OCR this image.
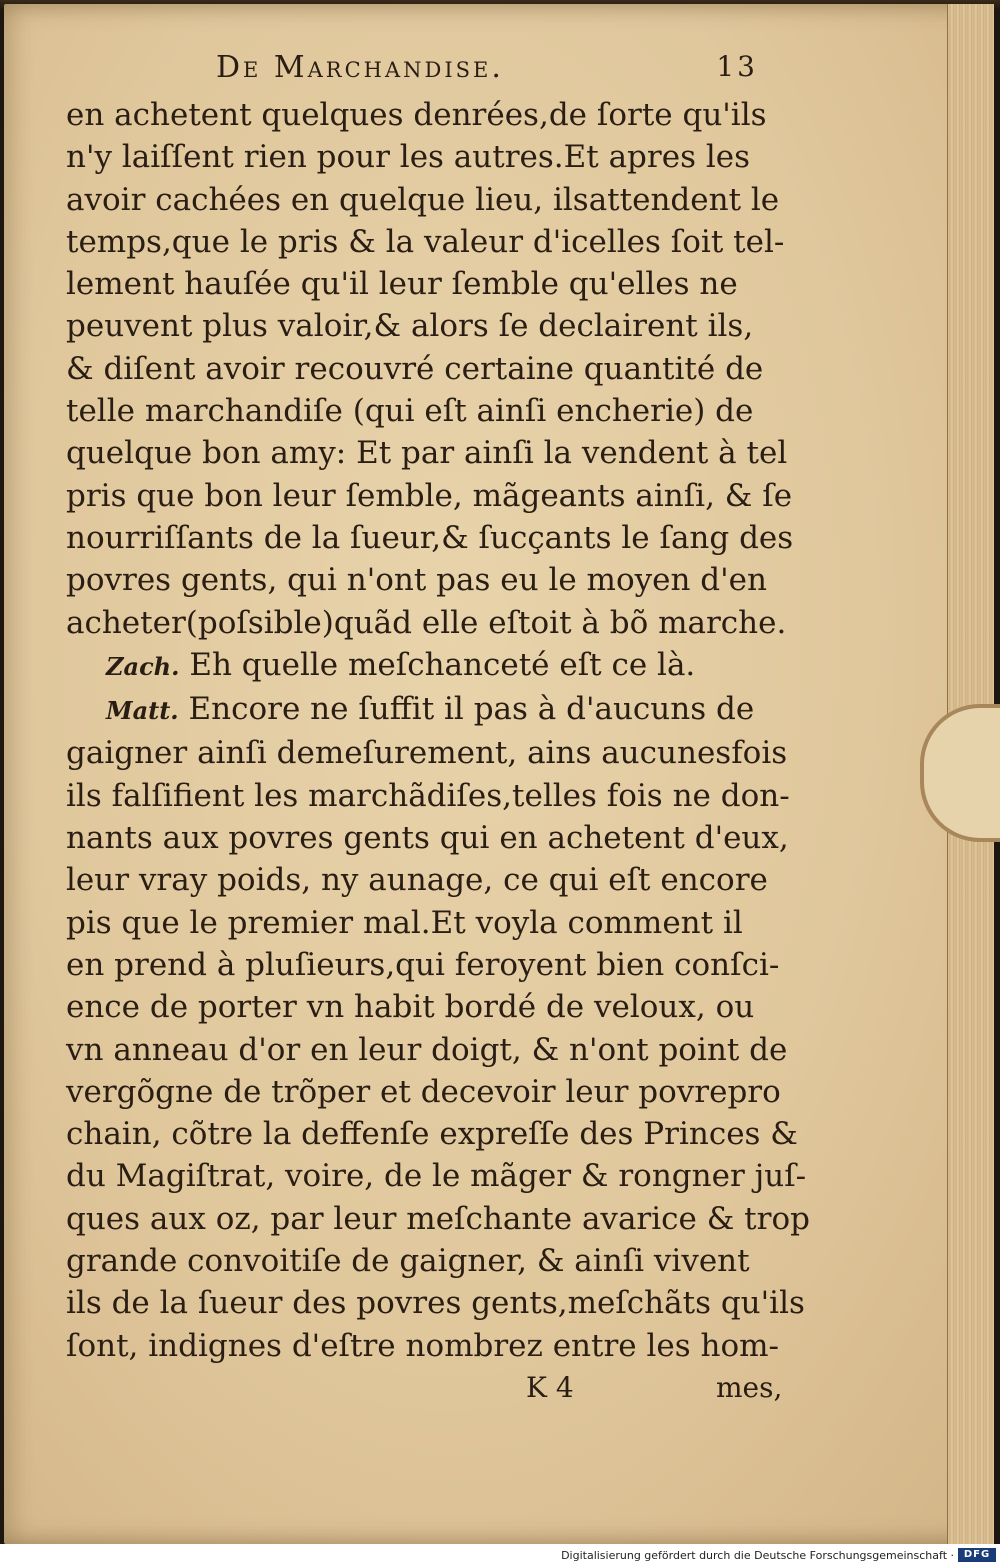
De Marchandise.	13
en achetent quelques denrées,de ſorte qu'ils
n'y laiſſent rien pour les autres.Et apres les
avoir cachées en quelque lieu, ilsattendent le
temps,que le pris & la valeur d'icelles ſoit tel-
lement hauſée qu'il leur ſemble qu'elles ne
peuvent plus valoir,& alors ſe declairent ils,
& diſent avoir recouvré certaine quantité de
telle marchandiſe (qui eſt ainſi encherie) de
quelque bon amy: Et par ainſi la vendent à tel
pris que bon leur ſemble, mãgeants ainſi, & ſe
nourriſſants de la ſueur,& ſucçants le ſang des
povres gents, qui n'ont pas eu le moyen d'en
acheter(poſsible)quãd elle eſtoit à bõ marche.
Zach. Eh quelle meſchanceté eſt ce là.
Matt. Encore ne ſuffit il pas à d'aucuns de
gaigner ainſi demeſurement, ains aucunesfois
ils falſifient les marchãdiſes,telles fois ne don-
nants aux povres gents qui en achetent d'eux,
leur vray poids, ny aunage, ce qui eſt encore
pis que le premier mal.Et voyla comment il
en prend à pluſieurs,qui feroyent bien conſci-
ence de porter vn habit bordé de veloux, ou
vn anneau d'or en leur doigt, & n'ont point de
vergõgne de trõper et decevoir leur povrepro
chain, cõtre la deffenſe expreſſe des Princes &
du Magiſtrat, voire, de le mãger & rongner juſ-
ques aux oz, par leur meſchante avarice & trop
grande convoitiſe de gaigner, & ainſi vivent
ils de la ſueur des povres gents,meſchãts qu'ils
ſont, indignes d'eſtre nombrez entre les hom-
K 4	mes,
Digitalisierung gefördert durch die Deutsche Forschungsgemeinschaft · DFG
